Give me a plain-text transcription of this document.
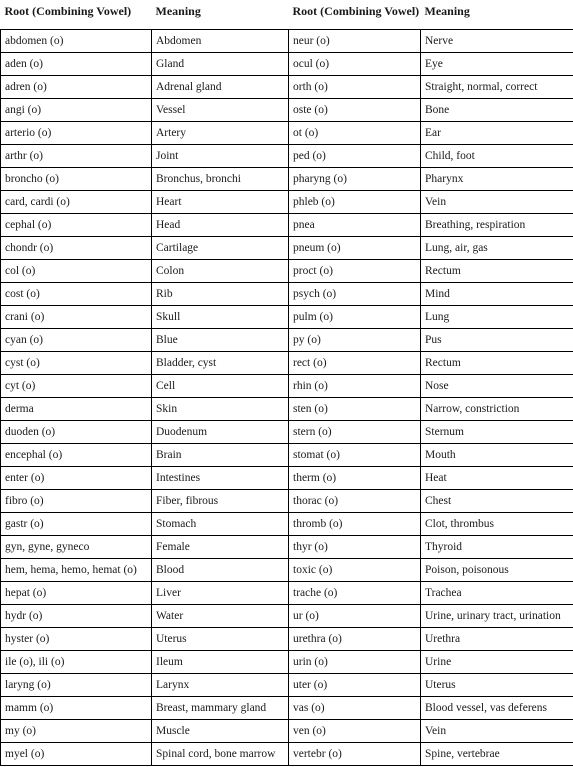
Root (Combining Vowel)	Meaning	Root (Combining Vowel)	Meaning
abdomen (o)	Abdomen	neur (o)	Nerve
aden (o)	Gland	ocul (o)	Eye
adren (o)	Adrenal gland	orth (o)	Straight, normal, correct
angi (o)	Vessel	oste (o)	Bone
arterio (o)	Artery	ot (o)	Ear
arthr (o)	Joint	ped (o)	Child, foot
broncho (o)	Bronchus, bronchi	pharyng (o)	Pharynx
card, cardi (o)	Heart	phleb (o)	Vein
cephal (o)	Head	pnea	Breathing, respiration
chondr (o)	Cartilage	pneum (o)	Lung, air, gas
col (o)	Colon	proct (o)	Rectum
cost (o)	Rib	psych (o)	Mind
crani (o)	Skull	pulm (o)	Lung
cyan (o)	Blue	py (o)	Pus
cyst (o)	Bladder, cyst	rect (o)	Rectum
cyt (o)	Cell	rhin (o)	Nose
derma	Skin	sten (o)	Narrow, constriction
duoden (o)	Duodenum	stern (o)	Sternum
encephal (o)	Brain	stomat (o)	Mouth
enter (o)	Intestines	therm (o)	Heat
fibro (o)	Fiber, fibrous	thorac (o)	Chest
gastr (o)	Stomach	thromb (o)	Clot, thrombus
gyn, gyne, gyneco	Female	thyr (o)	Thyroid
hem, hema, hemo, hemat (o)	Blood	toxic (o)	Poison, poisonous
hepat (o)	Liver	trache (o)	Trachea
hydr (o)	Water	ur (o)	Urine, urinary tract, urination
hyster (o)	Uterus	urethra (o)	Urethra
ile (o), ili (o)	Ileum	urin (o)	Urine
laryng (o)	Larynx	uter (o)	Uterus
mamm (o)	Breast, mammary gland	vas (o)	Blood vessel, vas deferens
my (o)	Muscle	ven (o)	Vein
myel (o)	Spinal cord, bone marrow	vertebr (o)	Spine, vertebrae
